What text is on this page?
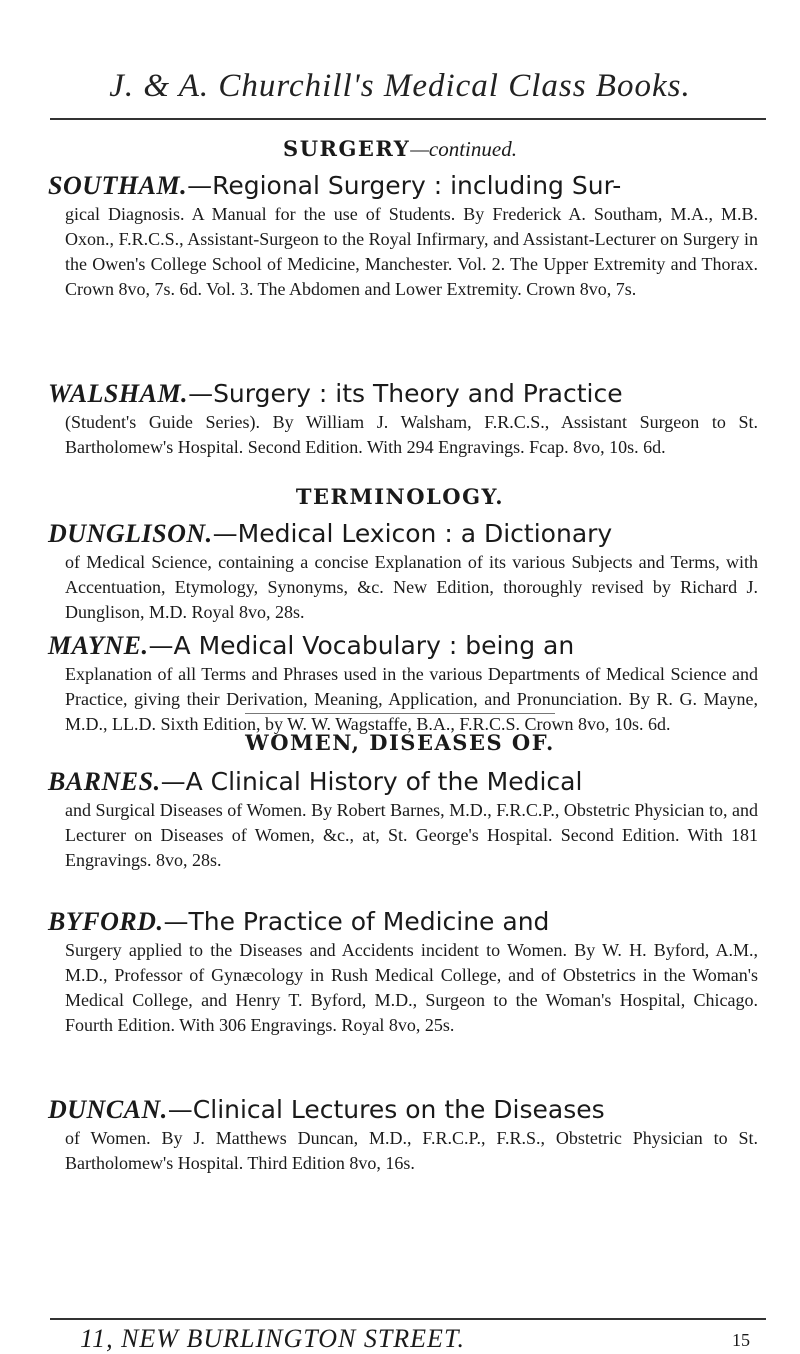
J. & A. Churchill's Medical Class Books.
SURGERY—continued.
SOUTHAM.—Regional Surgery : including Sur-
gical Diagnosis. A Manual for the use of Students. By Frederick A. Southam, M.A., M.B. Oxon., F.R.C.S., Assistant-Surgeon to the Royal Infirmary, and Assistant-Lecturer on Surgery in the Owen's College School of Medicine, Manchester. Vol. 2. The Upper Extremity and Thorax. Crown 8vo, 7s. 6d. Vol. 3. The Abdomen and Lower Extremity. Crown 8vo, 7s.
WALSHAM.—Surgery : its Theory and Practice
(Student's Guide Series). By William J. Walsham, F.R.C.S., Assistant Surgeon to St. Bartholomew's Hospital. Second Edition. With 294 Engravings. Fcap. 8vo, 10s. 6d.
TERMINOLOGY.
DUNGLISON.—Medical Lexicon : a Dictionary
of Medical Science, containing a concise Explanation of its various Subjects and Terms, with Accentuation, Etymology, Synonyms, &c. New Edition, thoroughly revised by Richard J. Dunglison, M.D. Royal 8vo, 28s.
MAYNE.—A Medical Vocabulary : being an
Explanation of all Terms and Phrases used in the various Departments of Medical Science and Practice, giving their Derivation, Meaning, Application, and Pronunciation. By R. G. Mayne, M.D., LL.D. Sixth Edition, by W. W. Wagstaffe, B.A., F.R.C.S. Crown 8vo, 10s. 6d.
WOMEN, DISEASES OF.
BARNES.—A Clinical History of the Medical
and Surgical Diseases of Women. By Robert Barnes, M.D., F.R.C.P., Obstetric Physician to, and Lecturer on Diseases of Women, &c., at, St. George's Hospital. Second Edition. With 181 Engravings. 8vo, 28s.
BYFORD.—The Practice of Medicine and
Surgery applied to the Diseases and Accidents incident to Women. By W. H. Byford, A.M., M.D., Professor of Gynæcology in Rush Medical College, and of Obstetrics in the Woman's Medical College, and Henry T. Byford, M.D., Surgeon to the Woman's Hospital, Chicago. Fourth Edition. With 306 Engravings. Royal 8vo, 25s.
DUNCAN.—Clinical Lectures on the Diseases
of Women. By J. Matthews Duncan, M.D., F.R.C.P., F.R.S., Obstetric Physician to St. Bartholomew's Hospital. Third Edition 8vo, 16s.
11, NEW BURLINGTON STREET.	15
